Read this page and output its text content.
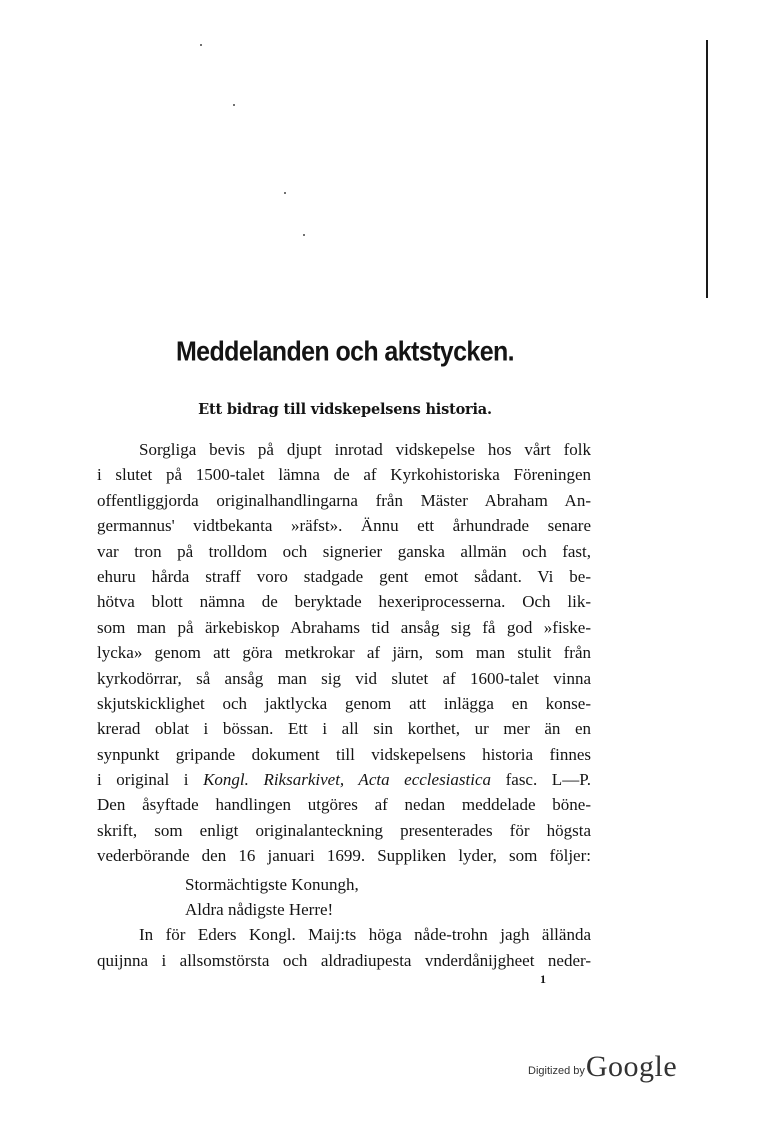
Meddelanden och aktstycken.
Ett bidrag till vidskepelsens historia.
Sorgliga bevis på djupt inrotad vidskepelse hos vårt folk
i slutet på 1500-talet lämna de af Kyrkohistoriska Föreningen
offentliggjorda originalhandlingarna från Mäster Abraham An-
germannus' vidtbekanta »räfst». Ännu ett århundrade senare
var tron på trolldom och signerier ganska allmän och fast,
ehuru hårda straff voro stadgade gent emot sådant. Vi be-
hötva blott nämna de beryktade hexeriprocesserna. Och lik-
som man på ärkebiskop Abrahams tid ansåg sig få god »fiske-
lycka» genom att göra metkrokar af järn, som man stulit från
kyrkodörrar, så ansåg man sig vid slutet af 1600-talet vinna
skjutskicklighet och jaktlycka genom att inlägga en konse-
krerad oblat i bössan. Ett i all sin korthet, ur mer än en
synpunkt gripande dokument till vidskepelsens historia finnes
i original i Kongl. Riksarkivet, Acta ecclesiastica fasc. L—P.
Den åsyftade handlingen utgöres af nedan meddelade böne-
skrift, som enligt originalanteckning presenterades för högsta
vederbörande den 16 januari 1699. Suppliken lyder, som följer:
Stormächtigste Konungh,
Aldra nådigste Herre!
In för Eders Kongl. Maij:ts höga nåde-trohn jagh ällända
quijnna i allsomstörsta och aldradiupesta vnderdånijgheet neder-
1
Digitized by Google
